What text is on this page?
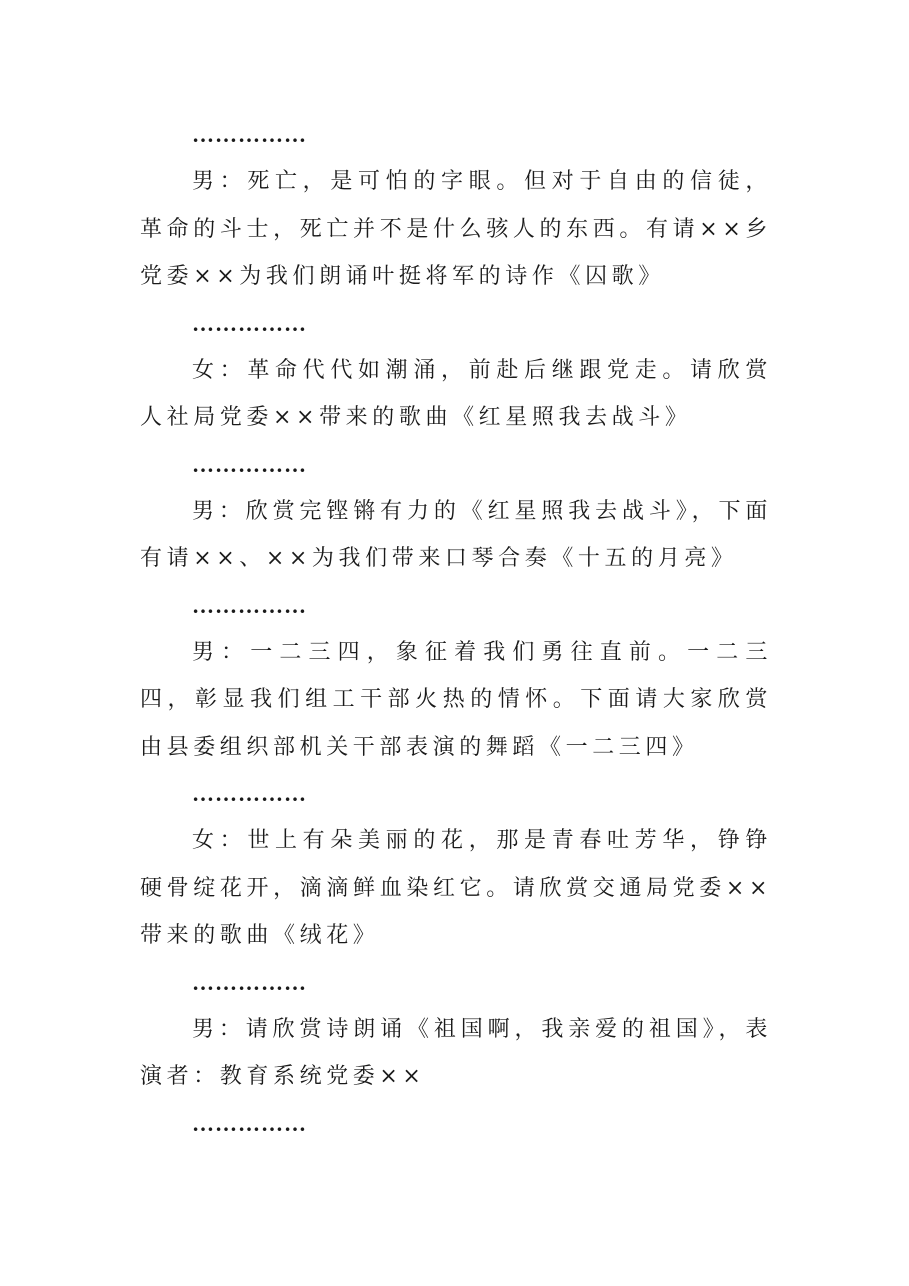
……………

男：死亡，是可怕的字眼。但对于自由的信徒，革命的斗士，死亡并不是什么骇人的东西。有请××乡党委××为我们朗诵叶挺将军的诗作《囚歌》

……………

女：革命代代如潮涌，前赴后继跟党走。请欣赏人社局党委××带来的歌曲《红星照我去战斗》

……………

男：欣赏完铿锵有力的《红星照我去战斗》，下面有请××、××为我们带来口琴合奏《十五的月亮》

……………

男：一二三四，象征着我们勇往直前。一二三四，彰显我们组工干部火热的情怀。下面请大家欣赏由县委组织部机关干部表演的舞蹈《一二三四》

……………

女：世上有朵美丽的花，那是青春吐芳华，铮铮硬骨绽花开，滴滴鲜血染红它。请欣赏交通局党委××带来的歌曲《绒花》

……………

男：请欣赏诗朗诵《祖国啊，我亲爱的祖国》，表演者：教育系统党委××

……………
